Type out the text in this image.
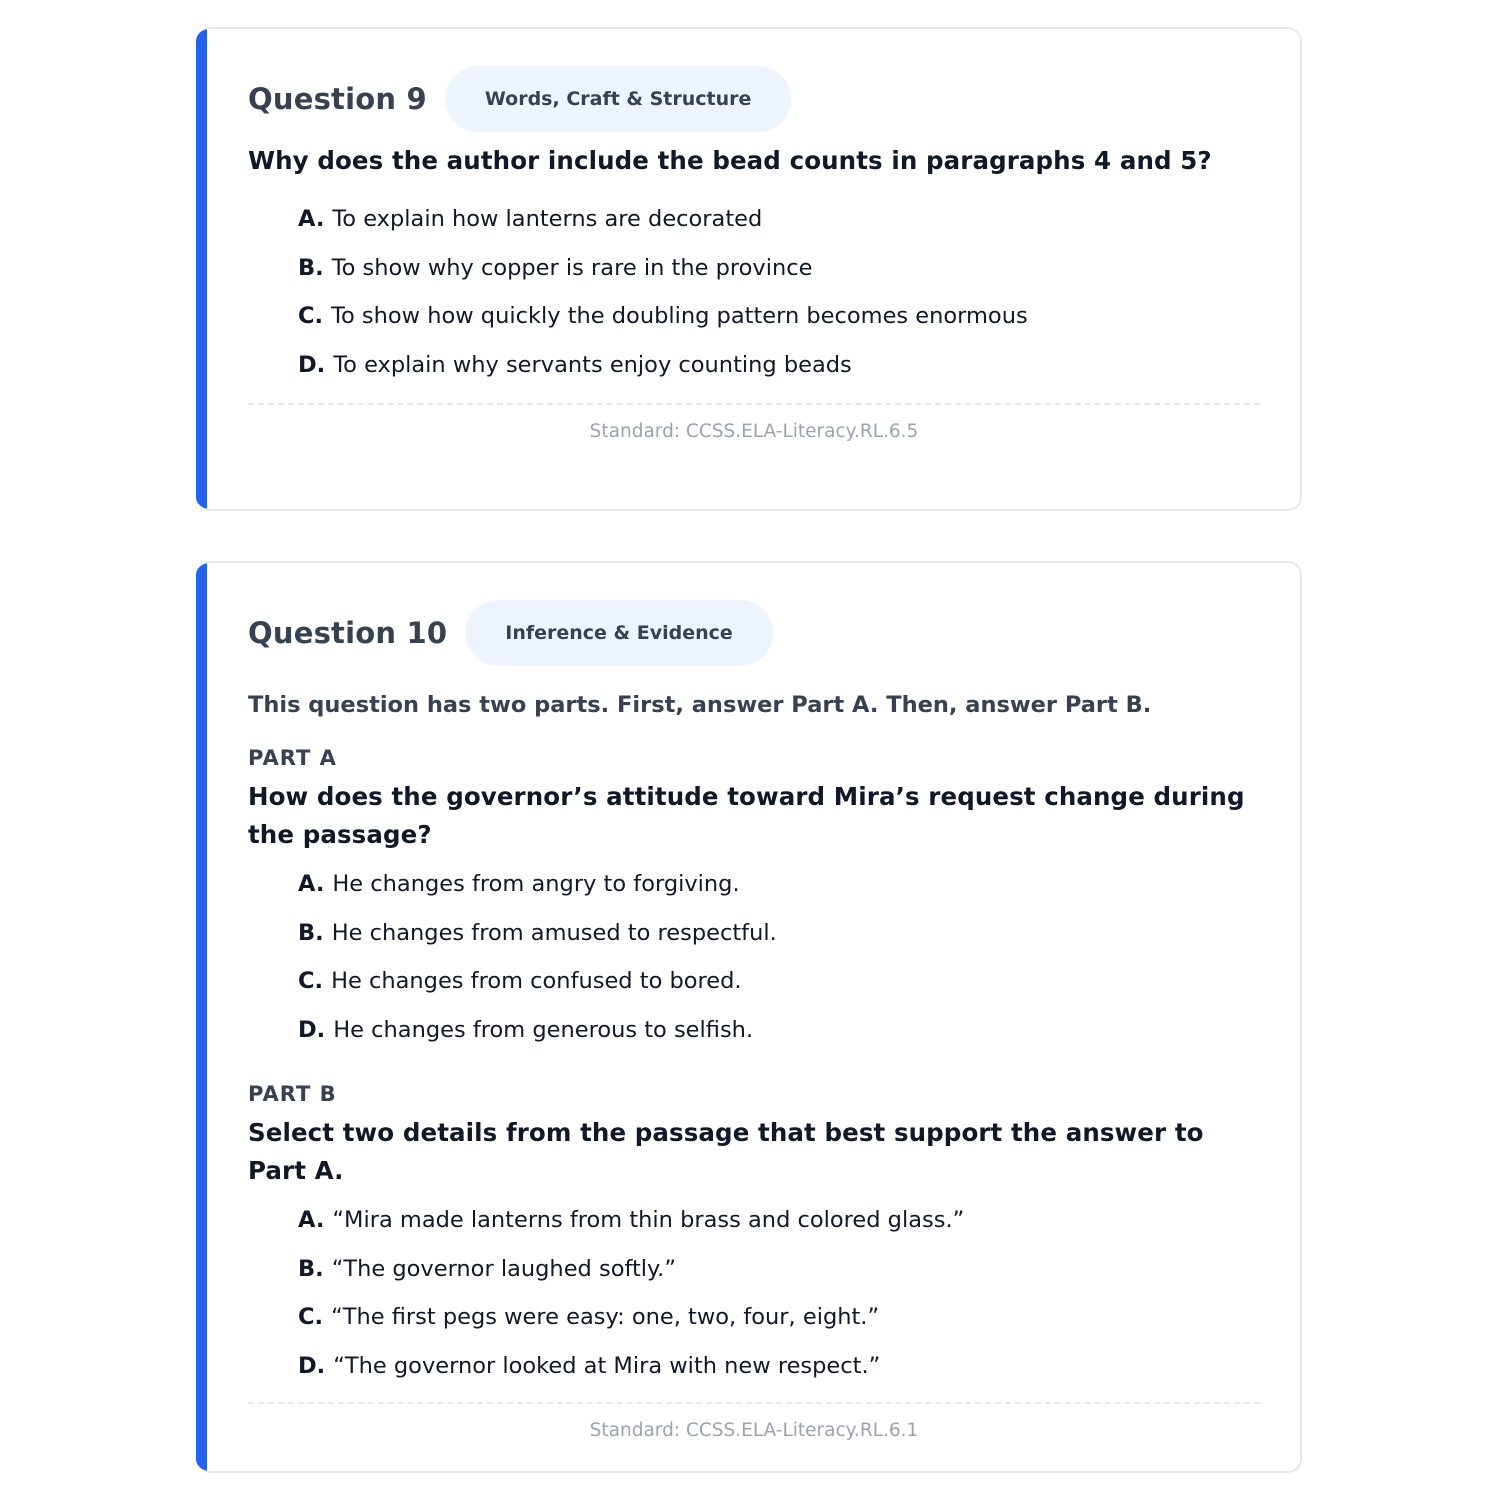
Question 9	Words, Craft & Structure

Why does the author include the bead counts in paragraphs 4 and 5?

A. To explain how lanterns are decorated
B. To show why copper is rare in the province
C. To show how quickly the doubling pattern becomes enormous
D. To explain why servants enjoy counting beads
Standard: CCSS.ELA-Literacy.RL.6.5
Question 10	Inference & Evidence

This question has two parts. First, answer Part A. Then, answer Part B.

PART A

How does the governor’s attitude toward Mira’s request change during the passage?

A. He changes from angry to forgiving.
B. He changes from amused to respectful.
C. He changes from confused to bored.
D. He changes from generous to selfish.

PART B

Select two details from the passage that best support the answer to Part A.

A. “Mira made lanterns from thin brass and colored glass.”
B. “The governor laughed softly.”
C. “The first pegs were easy: one, two, four, eight.”
D. “The governor looked at Mira with new respect.”
Standard: CCSS.ELA-Literacy.RL.6.1
